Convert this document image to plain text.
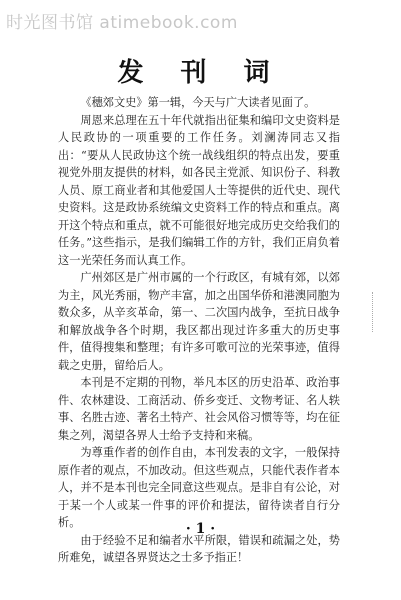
时光图书馆 atimebook.com
发 刊 词

《穗郊文史》第一辑，今天与广大读者见面了。

周恩来总理在五十年代就指出征集和编印文史资料是人民政协的一项重要的工作任务。刘澜涛同志又指出：“要从人民政协这个统一战线组织的特点出发，要重视党外朋友提供的材料，如各民主党派、知识份子、科教人员、原工商业者和其他爱国人士等提供的近代史、现代史资料。这是政协系统编文史资料工作的特点和重点。离开这个特点和重点，就不可能很好地完成历史交给我们的任务。”这些指示，是我们编辑工作的方针，我们正肩负着这一光荣任务而认真工作。

广州郊区是广州市属的一个行政区，有城有郊，以郊为主，风光秀丽，物产丰富，加之出国华侨和港澳同胞为数众多，从辛亥革命，第一、二次国内战争，至抗日战争和解放战争各个时期，我区都出现过许多重大的历史事件，值得搜集和整理；有许多可歌可泣的光荣事迹，值得载之史册，留给后人。

本刊是不定期的刊物，举凡本区的历史沿革、政治事件、农林建设、工商活动、侨乡变迁、文物考证、名人轶事、名胜古迹、著名土特产、社会风俗习惯等等，均在征集之列，渴望各界人士给予支持和来稿。

为尊重作者的创作自由，本刊发表的文字，一般保持原作者的观点，不加改动。但这些观点，只能代表作者本人，并不是本刊也完全同意这些观点。是非自有公论，对于某一个人或某一件事的评价和提法，留待读者自行分析。

由于经验不足和编者水平所限，错误和疏漏之处，势所难免，诚望各界贤达之士多予指正！

· 1 ·
